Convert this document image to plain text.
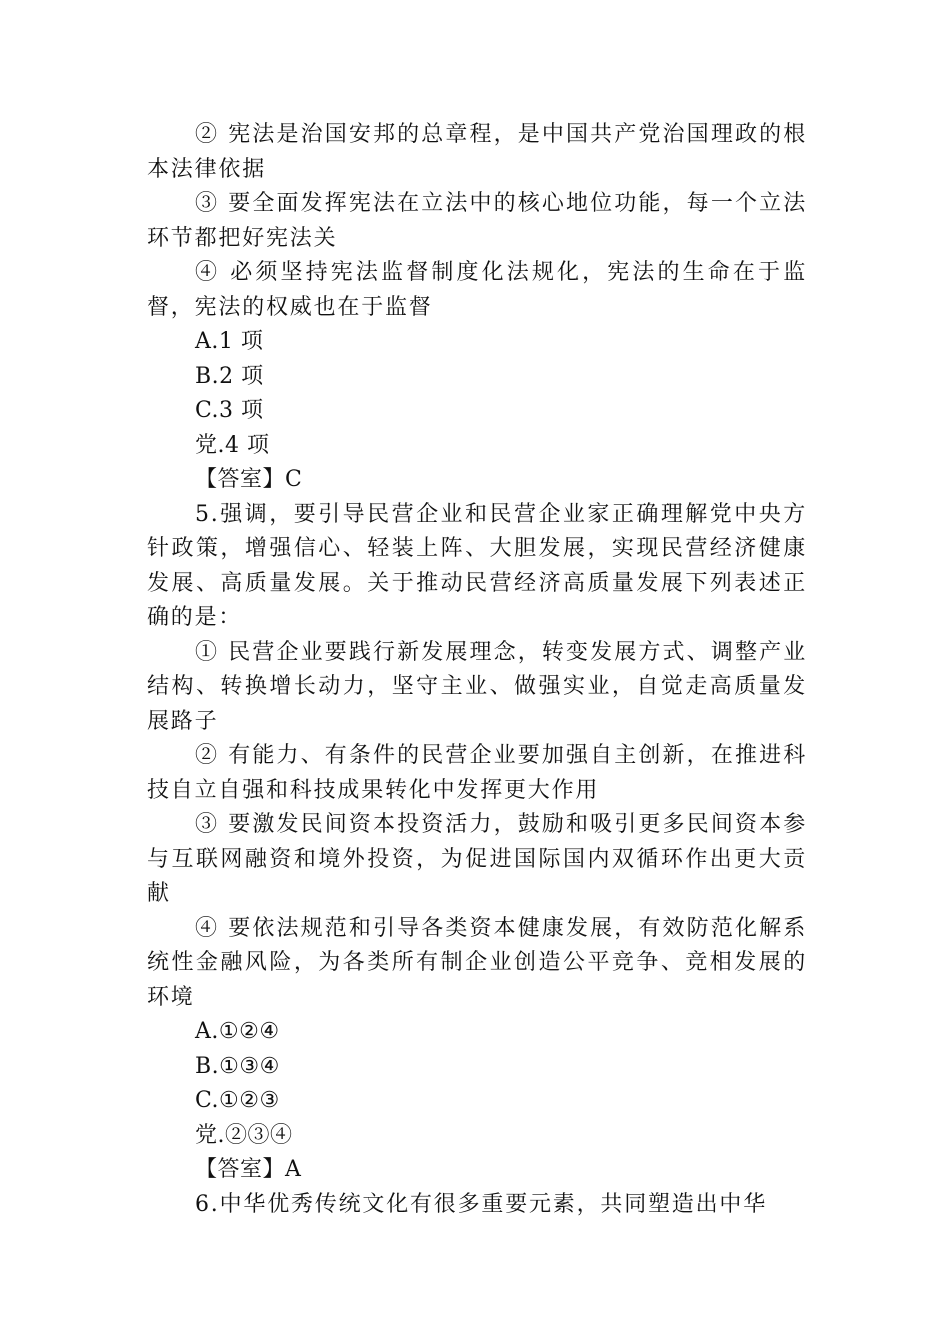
② 宪法是治国安邦的总章程，是中国共产党治国理政的根本法律依据

③ 要全面发挥宪法在立法中的核心地位功能，每一个立法环节都把好宪法关

④ 必须坚持宪法监督制度化法规化，宪法的生命在于监督，宪法的权威也在于监督

A.1 项

B.2 项

C.3 项

党.4 项

【答室】C

5.强调，要引导民营企业和民营企业家正确理解党中央方针政策，增强信心、轻装上阵、大胆发展，实现民营经济健康发展、高质量发展。关于推动民营经济高质量发展下列表述正确的是：

① 民营企业要践行新发展理念，转变发展方式、调整产业结构、转换增长动力，坚守主业、做强实业，自觉走高质量发展路子

② 有能力、有条件的民营企业要加强自主创新，在推进科技自立自强和科技成果转化中发挥更大作用

③ 要激发民间资本投资活力，鼓励和吸引更多民间资本参与互联网融资和境外投资，为促进国际国内双循环作出更大贡献

④ 要依法规范和引导各类资本健康发展，有效防范化解系统性金融风险，为各类所有制企业创造公平竞争、竞相发展的环境

A.①②④

B.①③④

C.①②③

党.②③④

【答室】A

6.中华优秀传统文化有很多重要元素，共同塑造出中华
